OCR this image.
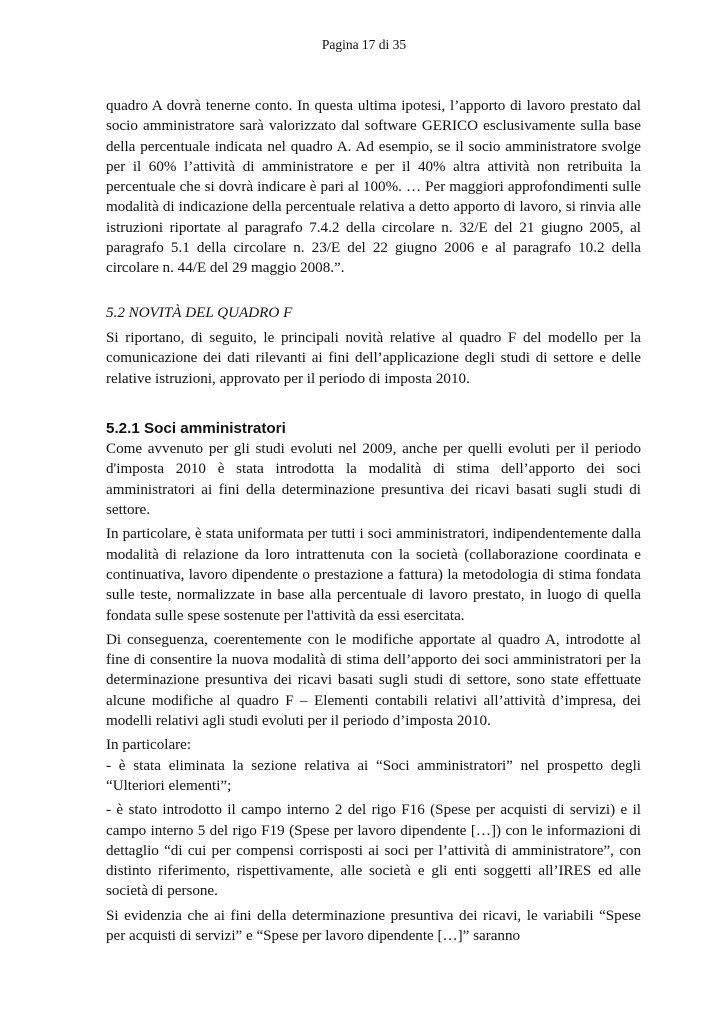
Pagina 17 di 35

quadro A dovrà tenerne conto. In questa ultima ipotesi, l’apporto di lavoro prestato dal socio amministratore sarà valorizzato dal software GERICO esclusivamente sulla base della percentuale indicata nel quadro A. Ad esempio, se il socio amministratore svolge per il 60% l’attività di amministratore e per il 40% altra attività non retribuita la percentuale che si dovrà indicare è pari al 100%. … Per maggiori approfondimenti sulle modalità di indicazione della percentuale relativa a detto apporto di lavoro, si rinvia alle istruzioni riportate al paragrafo 7.4.2 della circolare n. 32/E del 21 giugno 2005, al paragrafo 5.1 della circolare n. 23/E del 22 giugno 2006 e al paragrafo 10.2 della circolare n. 44/E del 29 maggio 2008.”.

5.2 NOVITÀ DEL QUADRO F

Si riportano, di seguito, le principali novità relative al quadro F del modello per la comunicazione dei dati rilevanti ai fini dell’applicazione degli studi di settore e delle relative istruzioni, approvato per il periodo di imposta 2010.

5.2.1 Soci amministratori

Come avvenuto per gli studi evoluti nel 2009, anche per quelli evoluti per il periodo d'imposta 2010 è stata introdotta la modalità di stima dell’apporto dei soci amministratori ai fini della determinazione presuntiva dei ricavi basati sugli studi di settore.

In particolare, è stata uniformata per tutti i soci amministratori, indipendentemente dalla modalità di relazione da loro intrattenuta con la società (collaborazione coordinata e continuativa, lavoro dipendente o prestazione a fattura) la metodologia di stima fondata sulle teste, normalizzate in base alla percentuale di lavoro prestato, in luogo di quella fondata sulle spese sostenute per l'attività da essi esercitata.

Di conseguenza, coerentemente con le modifiche apportate al quadro A, introdotte al fine di consentire la nuova modalità di stima dell’apporto dei soci amministratori per la determinazione presuntiva dei ricavi basati sugli studi di settore, sono state effettuate alcune modifiche al quadro F – Elementi contabili relativi all’attività d’impresa, dei modelli relativi agli studi evoluti per il periodo d’imposta 2010.

In particolare:

- è stata eliminata la sezione relativa ai “Soci amministratori” nel prospetto degli “Ulteriori elementi”;

- è stato introdotto il campo interno 2 del rigo F16 (Spese per acquisti di servizi) e il campo interno 5 del rigo F19 (Spese per lavoro dipendente […]) con le informazioni di dettaglio “di cui per compensi corrisposti ai soci per l’attività di amministratore”, con distinto riferimento, rispettivamente, alle società e gli enti soggetti all’IRES ed alle società di persone.

Si evidenzia che ai fini della determinazione presuntiva dei ricavi, le variabili “Spese per acquisti di servizi” e “Spese per lavoro dipendente […]” saranno
